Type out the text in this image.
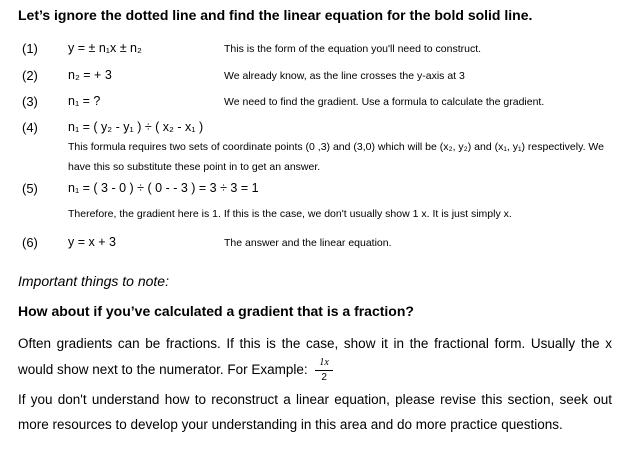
Let’s ignore the dotted line and find the linear equation for the bold solid line.
(1) y = ± n₁x ± n₂	This is the form of the equation you'll need to construct.
(2) n₂ = + 3	We already know, as the line crosses the y-axis at 3
(3) n₁ = ?	We need to find the gradient. Use a formula to calculate the gradient.
(4) n₁ = ( y₂ - y₁ ) ÷ ( x₂ - x₁ )
This formula requires two sets of coordinate points (0 ,3) and (3,0) which will be (x₂, y₂) and (x₁, y₁) respectively. We have this so substitute these point in to get an answer.
(5) n₁ = ( 3 - 0 ) ÷ ( 0 - - 3 ) = 3 ÷ 3 = 1
Therefore, the gradient here is 1. If this is the case, we don't usually show 1 x. It is just simply x.
(6) y = x + 3	The answer and the linear equation.
Important things to note:
How about if you’ve calculated a gradient that is a fraction?
Often gradients can be fractions. If this is the case, show it in the fractional form. Usually the x would show next to the numerator. For Example: $\frac{1x}{2}$
If you don't understand how to reconstruct a linear equation, please revise this section, seek out more resources to develop your understanding in this area and do more practice questions.
